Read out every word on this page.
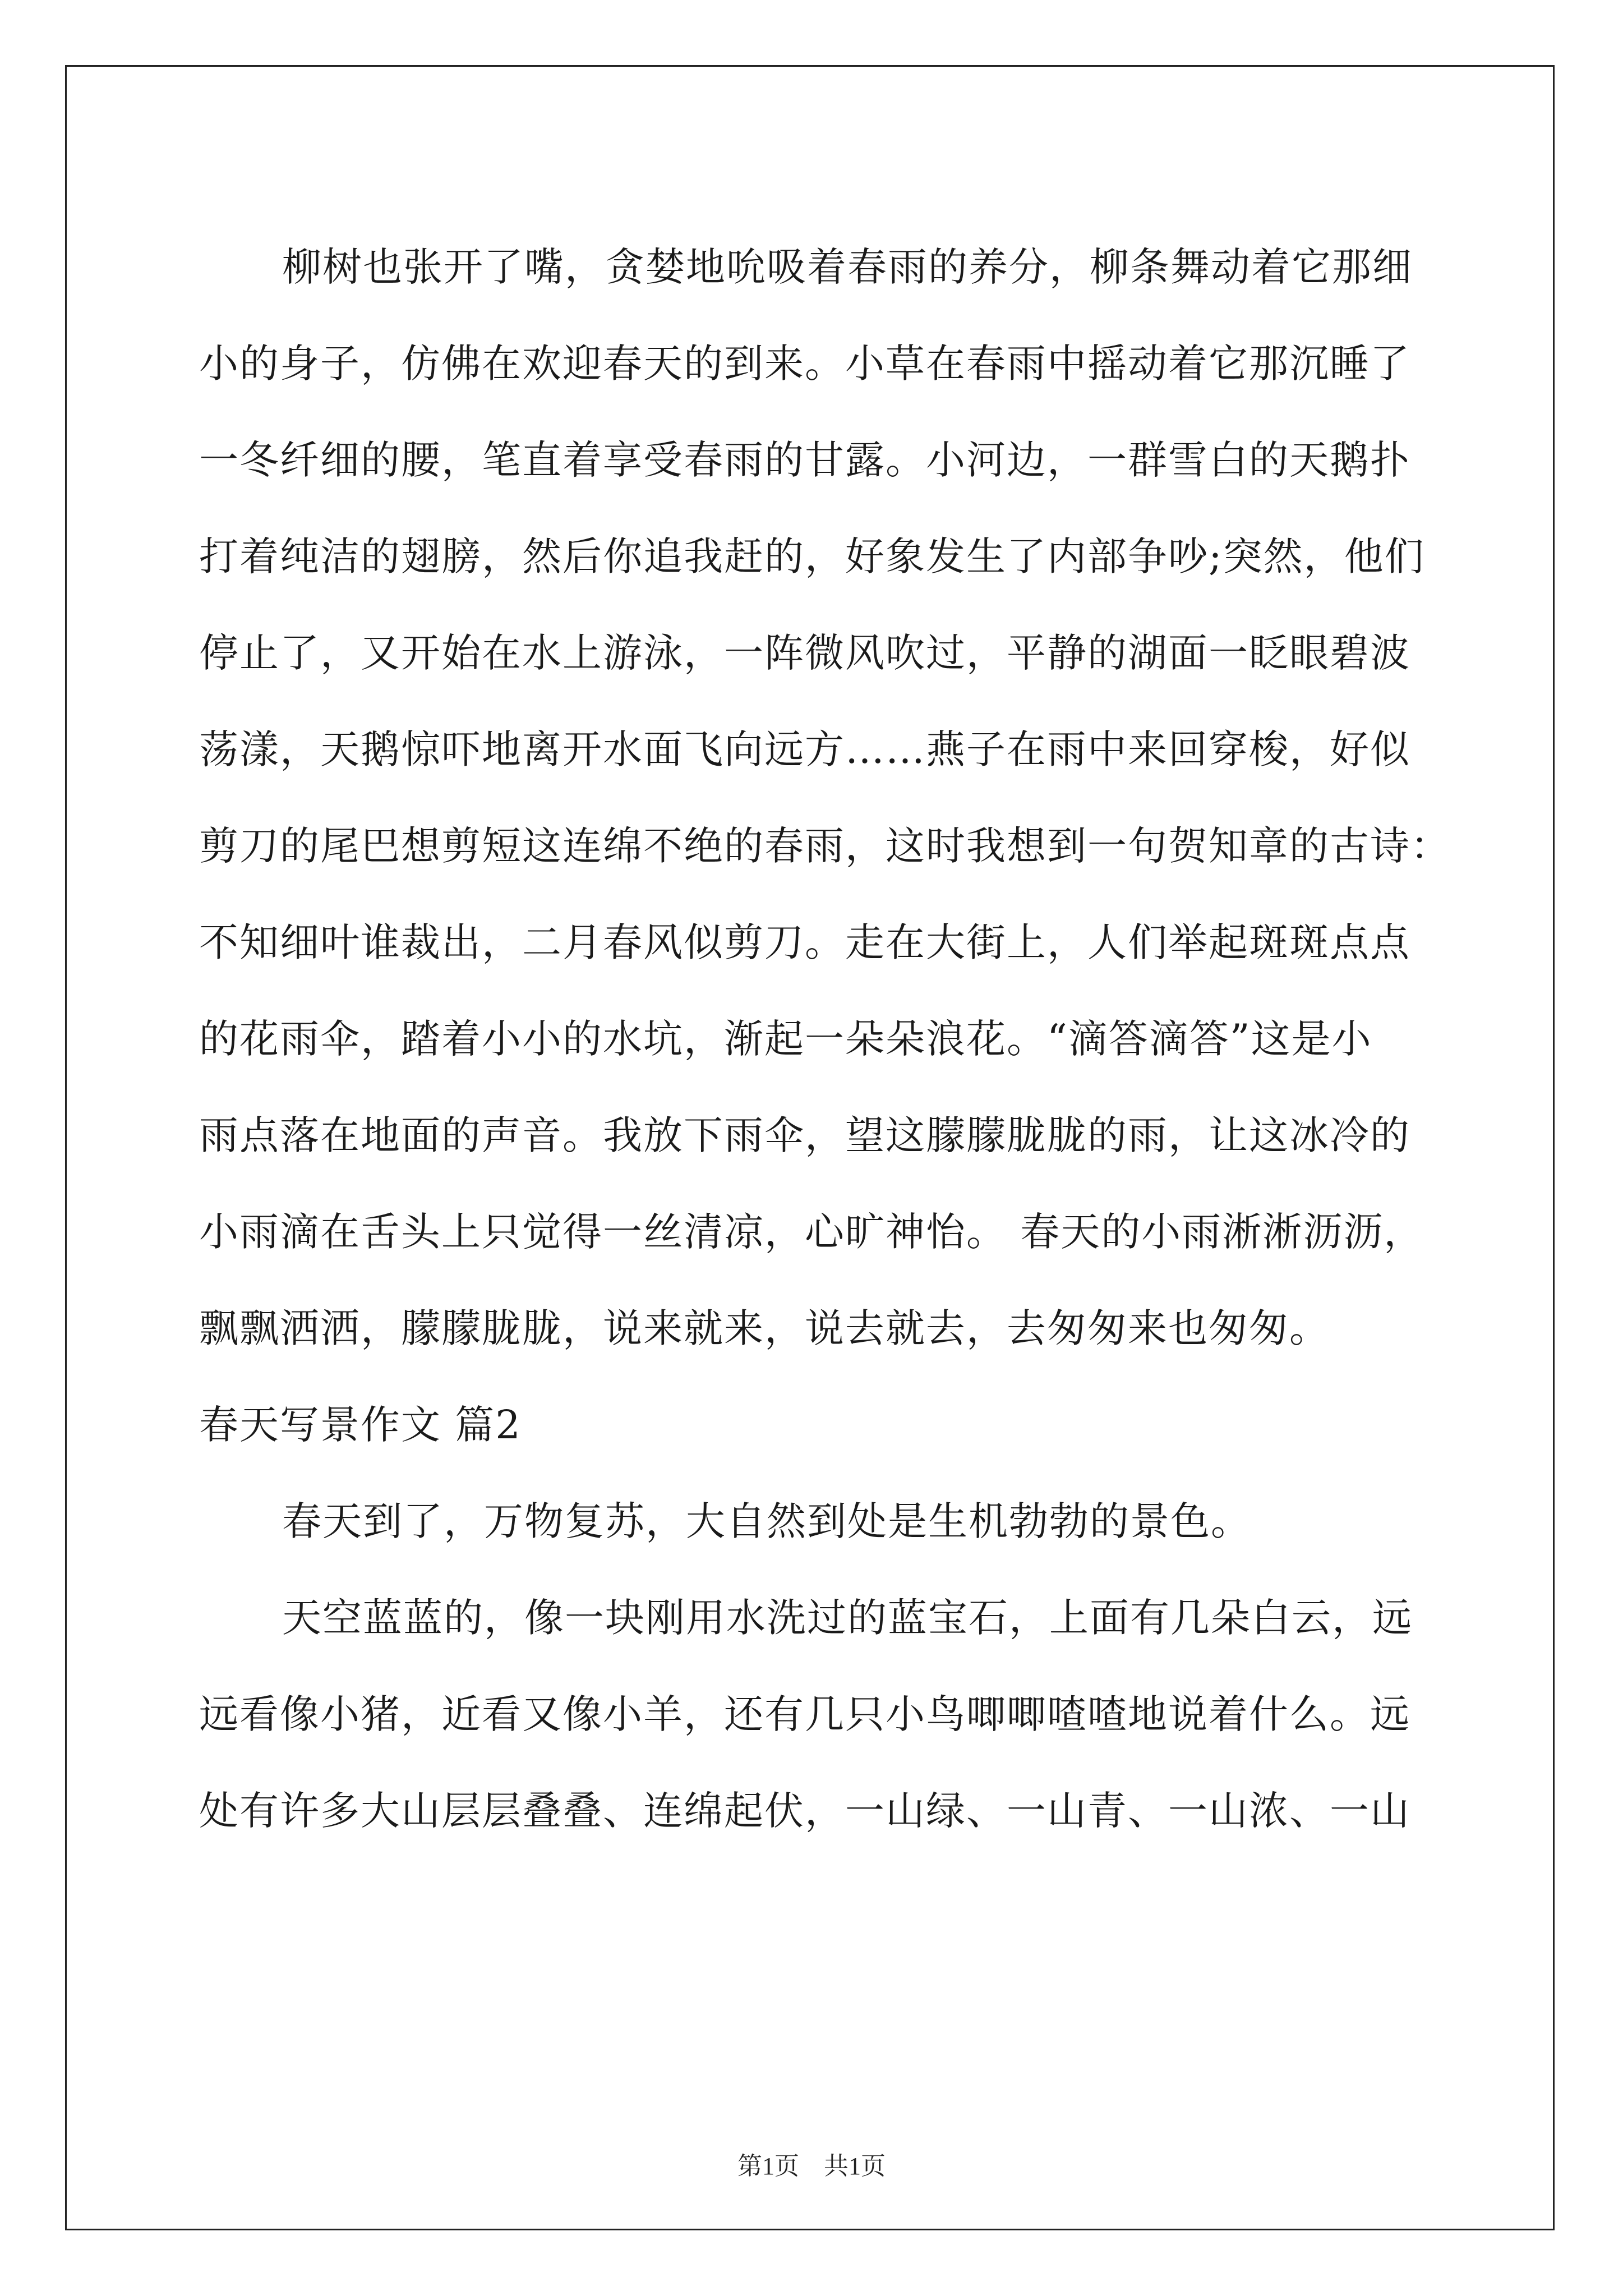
柳树也张开了嘴，贪婪地吮吸着春雨的养分，柳条舞动着它那细
小的身子，仿佛在欢迎春天的到来。小草在春雨中摇动着它那沉睡了
一冬纤细的腰，笔直着享受春雨的甘露。小河边，一群雪白的天鹅扑
打着纯洁的翅膀，然后你追我赶的，好象发生了内部争吵;突然，他们
停止了，又开始在水上游泳，一阵微风吹过，平静的湖面一眨眼碧波
荡漾，天鹅惊吓地离开水面飞向远方……燕子在雨中来回穿梭，好似
剪刀的尾巴想剪短这连绵不绝的春雨，这时我想到一句贺知章的古诗：
不知细叶谁裁出，二月春风似剪刀。走在大街上，人们举起斑斑点点
的花雨伞，踏着小小的水坑，渐起一朵朵浪花。“滴答滴答”这是小
雨点落在地面的声音。我放下雨伞，望这朦朦胧胧的雨，让这冰冷的
小雨滴在舌头上只觉得一丝清凉，心旷神怡。 春天的小雨淅淅沥沥，
飘飘洒洒，朦朦胧胧，说来就来，说去就去，去匆匆来也匆匆。
春天写景作文 篇2
春天到了，万物复苏，大自然到处是生机勃勃的景色。
天空蓝蓝的，像一块刚用水洗过的蓝宝石，上面有几朵白云，远
远看像小猪，近看又像小羊，还有几只小鸟唧唧喳喳地说着什么。远
处有许多大山层层叠叠、连绵起伏，一山绿、一山青、一山浓、一山
第1页　共1页
